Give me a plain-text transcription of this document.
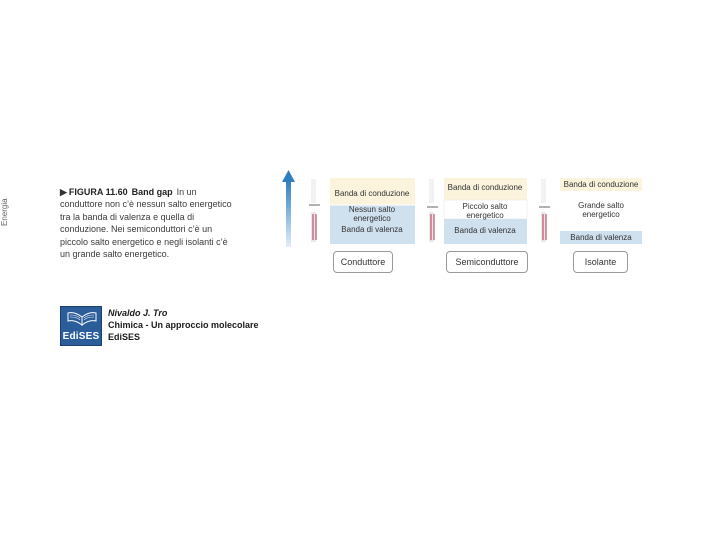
▶ FIGURA 11.60 Band gap In un conduttore non c’è nessun salto energetico tra la banda di valenza e quella di conduzione. Nei semiconduttori c’è un piccolo salto energetico e negli isolanti c’è un grande salto energetico.
EdiSES
Nivaldo J. Tro
Chimica - Un approccio molecolare
EdiSES
Energia
Banda di conduzione
Nessun salto
energetico
Banda di valenza
Banda di conduzione
Piccolo salto
energetico
Banda di valenza
Banda di conduzione
Grande salto
energetico
Banda di valenza
Conduttore	Semiconduttore	Isolante
